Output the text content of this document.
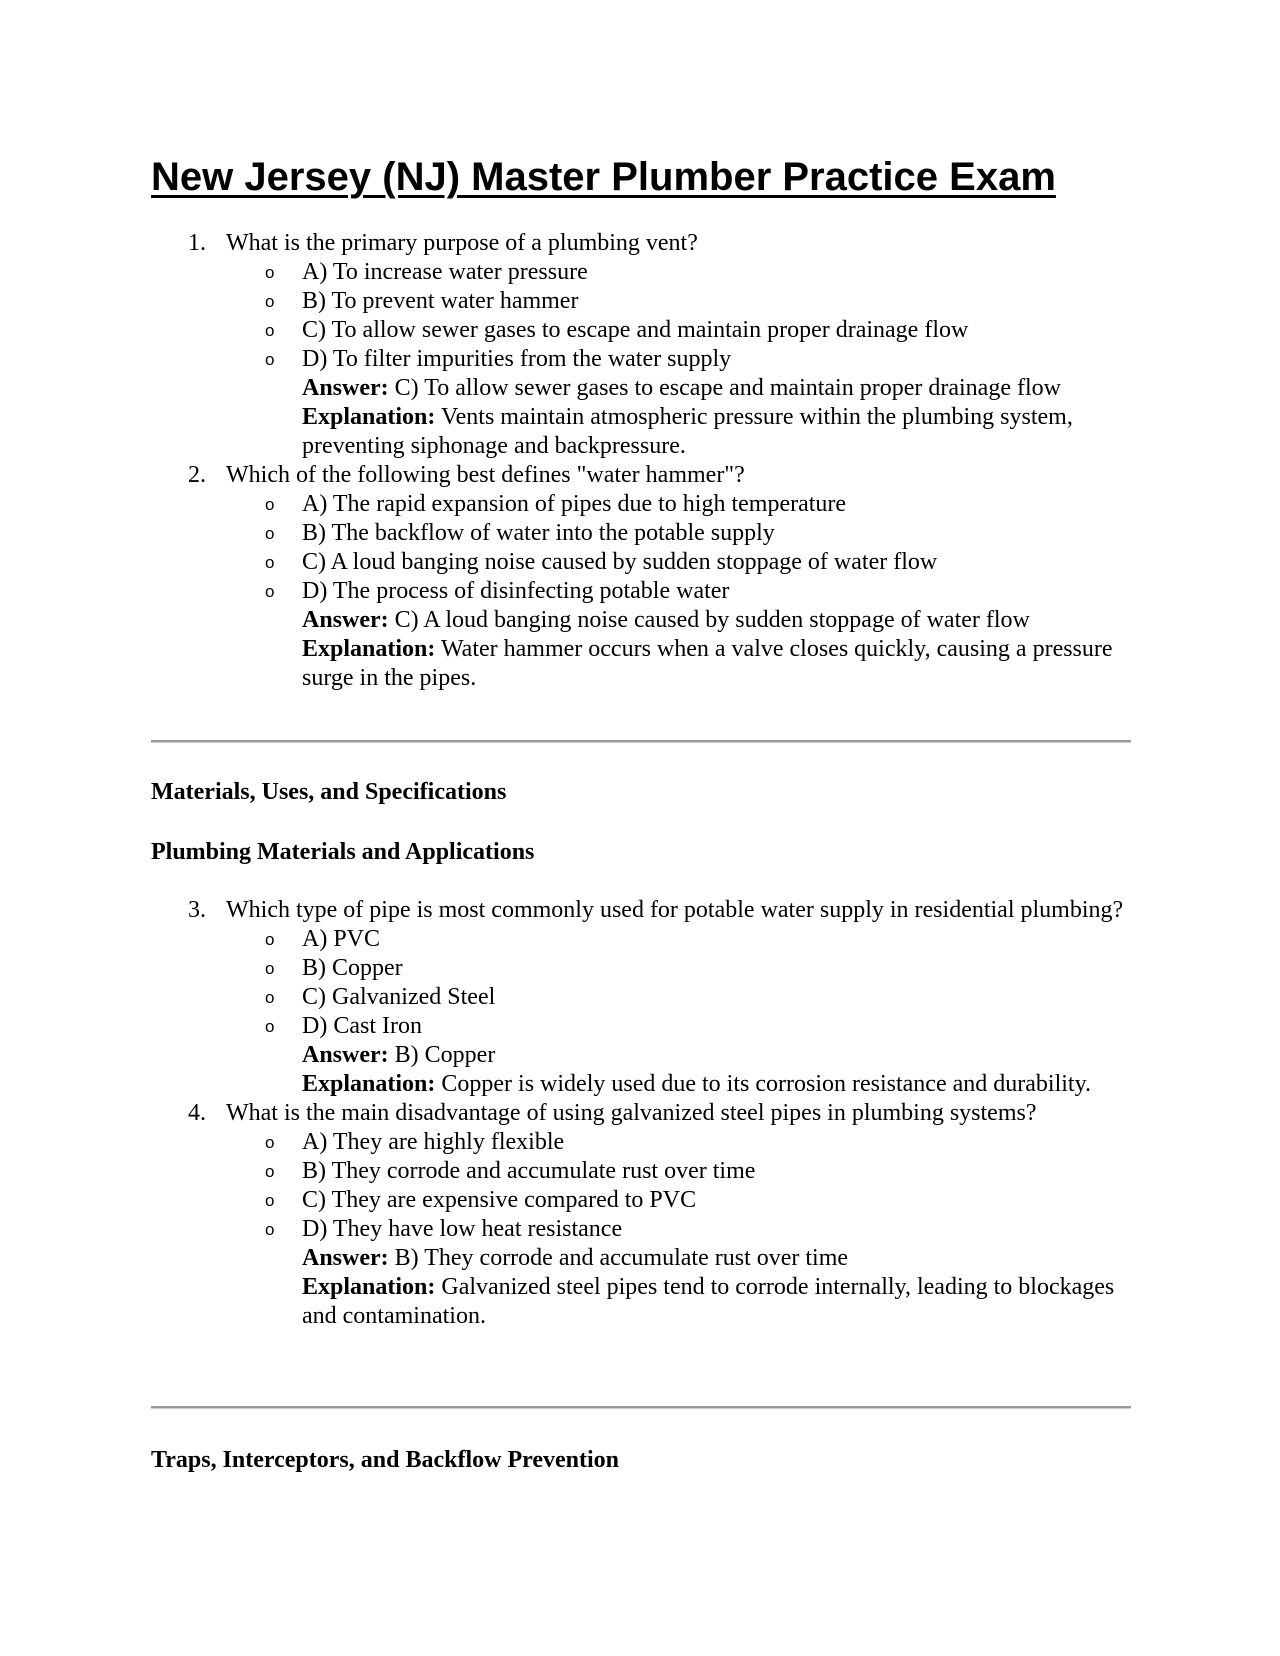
New Jersey (NJ) Master Plumber Practice Exam
1. What is the primary purpose of a plumbing vent?
o A) To increase water pressure
o B) To prevent water hammer
o C) To allow sewer gases to escape and maintain proper drainage flow
o D) To filter impurities from the water supply
Answer: C) To allow sewer gases to escape and maintain proper drainage flow
Explanation: Vents maintain atmospheric pressure within the plumbing system, preventing siphonage and backpressure.
2. Which of the following best defines "water hammer"?
o A) The rapid expansion of pipes due to high temperature
o B) The backflow of water into the potable supply
o C) A loud banging noise caused by sudden stoppage of water flow
o D) The process of disinfecting potable water
Answer: C) A loud banging noise caused by sudden stoppage of water flow
Explanation: Water hammer occurs when a valve closes quickly, causing a pressure surge in the pipes.
Materials, Uses, and Specifications
Plumbing Materials and Applications
3. Which type of pipe is most commonly used for potable water supply in residential plumbing?
o A) PVC
o B) Copper
o C) Galvanized Steel
o D) Cast Iron
Answer: B) Copper
Explanation: Copper is widely used due to its corrosion resistance and durability.
4. What is the main disadvantage of using galvanized steel pipes in plumbing systems?
o A) They are highly flexible
o B) They corrode and accumulate rust over time
o C) They are expensive compared to PVC
o D) They have low heat resistance
Answer: B) They corrode and accumulate rust over time
Explanation: Galvanized steel pipes tend to corrode internally, leading to blockages and contamination.
Traps, Interceptors, and Backflow Prevention
